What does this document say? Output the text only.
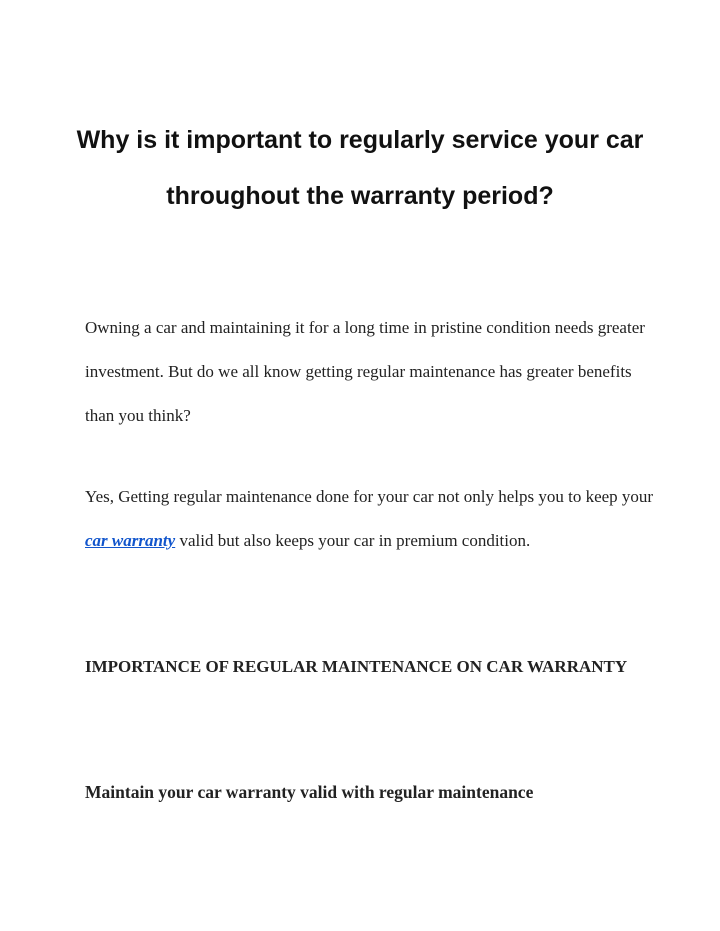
Why is it important to regularly service your car throughout the warranty period?

Owning a car and maintaining it for a long time in pristine condition needs greater investment. But do we all know getting regular maintenance has greater benefits than you think?

Yes, Getting regular maintenance done for your car not only helps you to keep your car warranty valid but also keeps your car in premium condition.

IMPORTANCE OF REGULAR MAINTENANCE ON CAR WARRANTY
Maintain your car warranty valid with regular maintenance
